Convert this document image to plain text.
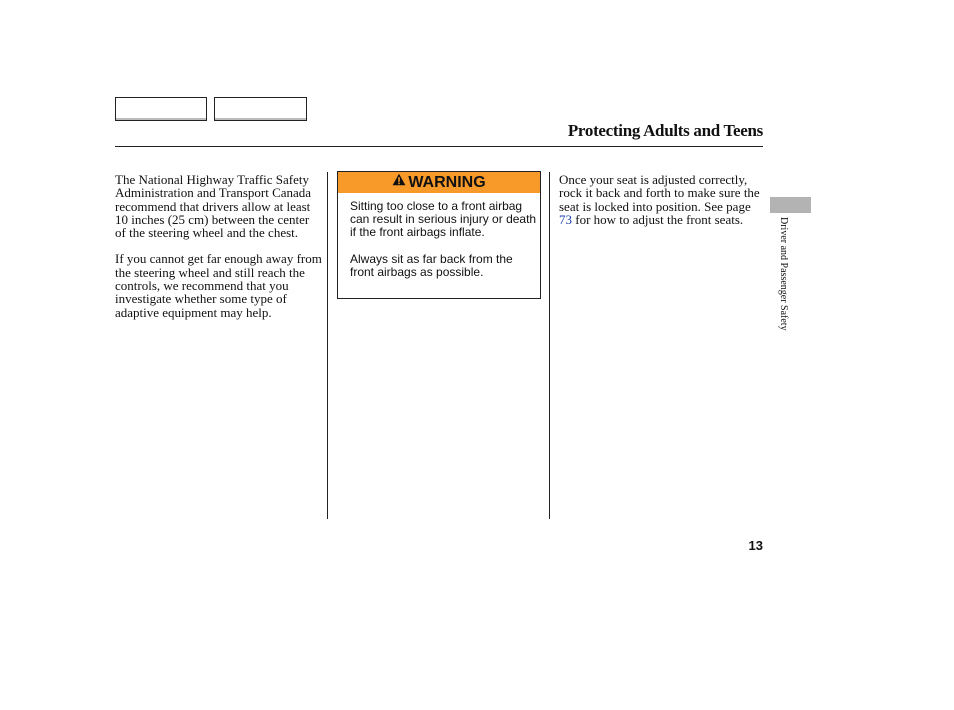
Protecting Adults and Teens

The National Highway Traffic Safety Administration and Transport Canada recommend that drivers allow at least 10 inches (25 cm) between the center of the steering wheel and the chest.

If you cannot get far enough away from the steering wheel and still reach the controls, we recommend that you investigate whether some type of adaptive equipment may help.

WARNING

Sitting too close to a front airbag can result in serious injury or death if the front airbags inflate.

Always sit as far back from the front airbags as possible.

Once your seat is adjusted correctly, rock it back and forth to make sure the seat is locked into position. See page 73 for how to adjust the front seats.	Driver and Passenger Safety
13
